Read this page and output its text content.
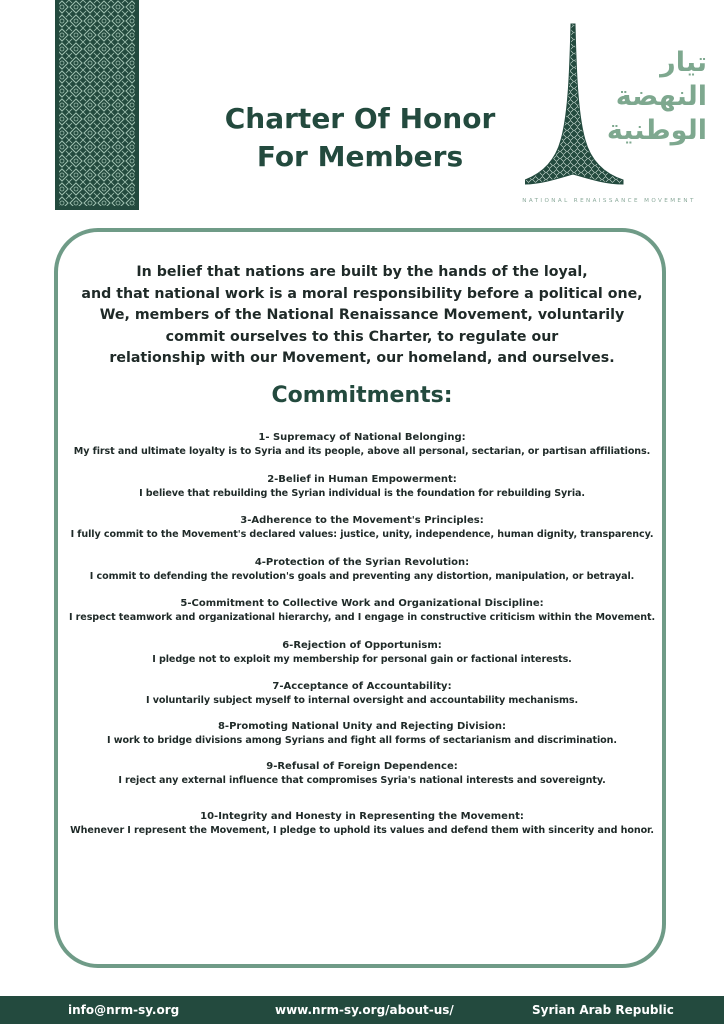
Charter Of Honor
For Members
تيار
النهضة
الوطنية
NATIONAL RENAISSANCE MOVEMENT
In belief that nations are built by the hands of the loyal,
and that national work is a moral responsibility before a political one,
We, members of the National Renaissance Movement, voluntarily
commit ourselves to this Charter, to regulate our
relationship with our Movement, our homeland, and ourselves.
Commitments:
1- Supremacy of National Belonging:
My first and ultimate loyalty is to Syria and its people, above all personal, sectarian, or partisan affiliations.
2-Belief in Human Empowerment:
I believe that rebuilding the Syrian individual is the foundation for rebuilding Syria.
3-Adherence to the Movement's Principles:
I fully commit to the Movement's declared values: justice, unity, independence, human dignity, transparency.
4-Protection of the Syrian Revolution:
I commit to defending the revolution's goals and preventing any distortion, manipulation, or betrayal.
5-Commitment to Collective Work and Organizational Discipline:
I respect teamwork and organizational hierarchy, and I engage in constructive criticism within the Movement.
6-Rejection of Opportunism:
I pledge not to exploit my membership for personal gain or factional interests.
7-Acceptance of Accountability:
I voluntarily subject myself to internal oversight and accountability mechanisms.
8-Promoting National Unity and Rejecting Division:
I work to bridge divisions among Syrians and fight all forms of sectarianism and discrimination.
9-Refusal of Foreign Dependence:
I reject any external influence that compromises Syria's national interests and sovereignty.
10-Integrity and Honesty in Representing the Movement:
Whenever I represent the Movement, I pledge to uphold its values and defend them with sincerity and honor.
info@nrm-sy.org	www.nrm-sy.org/about-us/	Syrian Arab Republic
